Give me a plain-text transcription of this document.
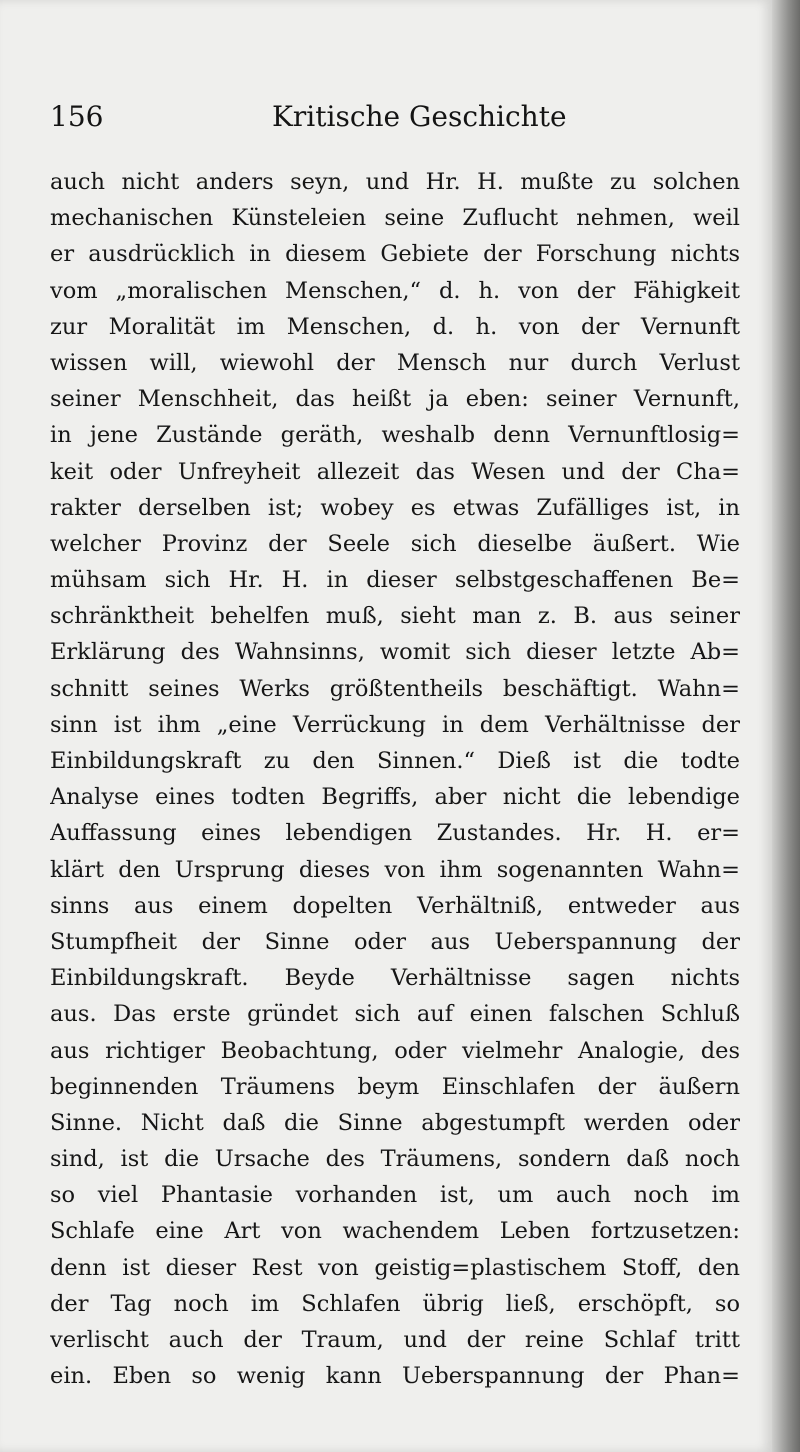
156	Kritische Geschichte
auch nicht anders seyn, und Hr. H. mußte zu solchen
mechanischen Künsteleien seine Zuflucht nehmen, weil
er ausdrücklich in diesem Gebiete der Forschung nichts
vom „moralischen Menschen,“ d. h. von der Fähigkeit
zur Moralität im Menschen, d. h. von der Vernunft
wissen will, wiewohl der Mensch nur durch Verlust
seiner Menschheit, das heißt ja eben: seiner Vernunft,
in jene Zustände geräth, weshalb denn Vernunftlosig=
keit oder Unfreyheit allezeit das Wesen und der Cha=
rakter derselben ist; wobey es etwas Zufälliges ist, in
welcher Provinz der Seele sich dieselbe äußert. Wie
mühsam sich Hr. H. in dieser selbstgeschaffenen Be=
schränktheit behelfen muß, sieht man z. B. aus seiner
Erklärung des Wahnsinns, womit sich dieser letzte Ab=
schnitt seines Werks größtentheils beschäftigt. Wahn=
sinn ist ihm „eine Verrückung in dem Verhältnisse der
Einbildungskraft zu den Sinnen.“ Dieß ist die todte
Analyse eines todten Begriffs, aber nicht die lebendige
Auffassung eines lebendigen Zustandes. Hr. H. er=
klärt den Ursprung dieses von ihm sogenannten Wahn=
sinns aus einem dopelten Verhältniß, entweder aus
Stumpfheit der Sinne oder aus Ueberspannung der
Einbildungskraft. Beyde Verhältnisse sagen nichts
aus. Das erste gründet sich auf einen falschen Schluß
aus richtiger Beobachtung, oder vielmehr Analogie, des
beginnenden Träumens beym Einschlafen der äußern
Sinne. Nicht daß die Sinne abgestumpft werden oder
sind, ist die Ursache des Träumens, sondern daß noch
so viel Phantasie vorhanden ist, um auch noch im
Schlafe eine Art von wachendem Leben fortzusetzen:
denn ist dieser Rest von geistig=plastischem Stoff, den
der Tag noch im Schlafen übrig ließ, erschöpft, so
verlischt auch der Traum, und der reine Schlaf tritt
ein. Eben so wenig kann Ueberspannung der Phan=
